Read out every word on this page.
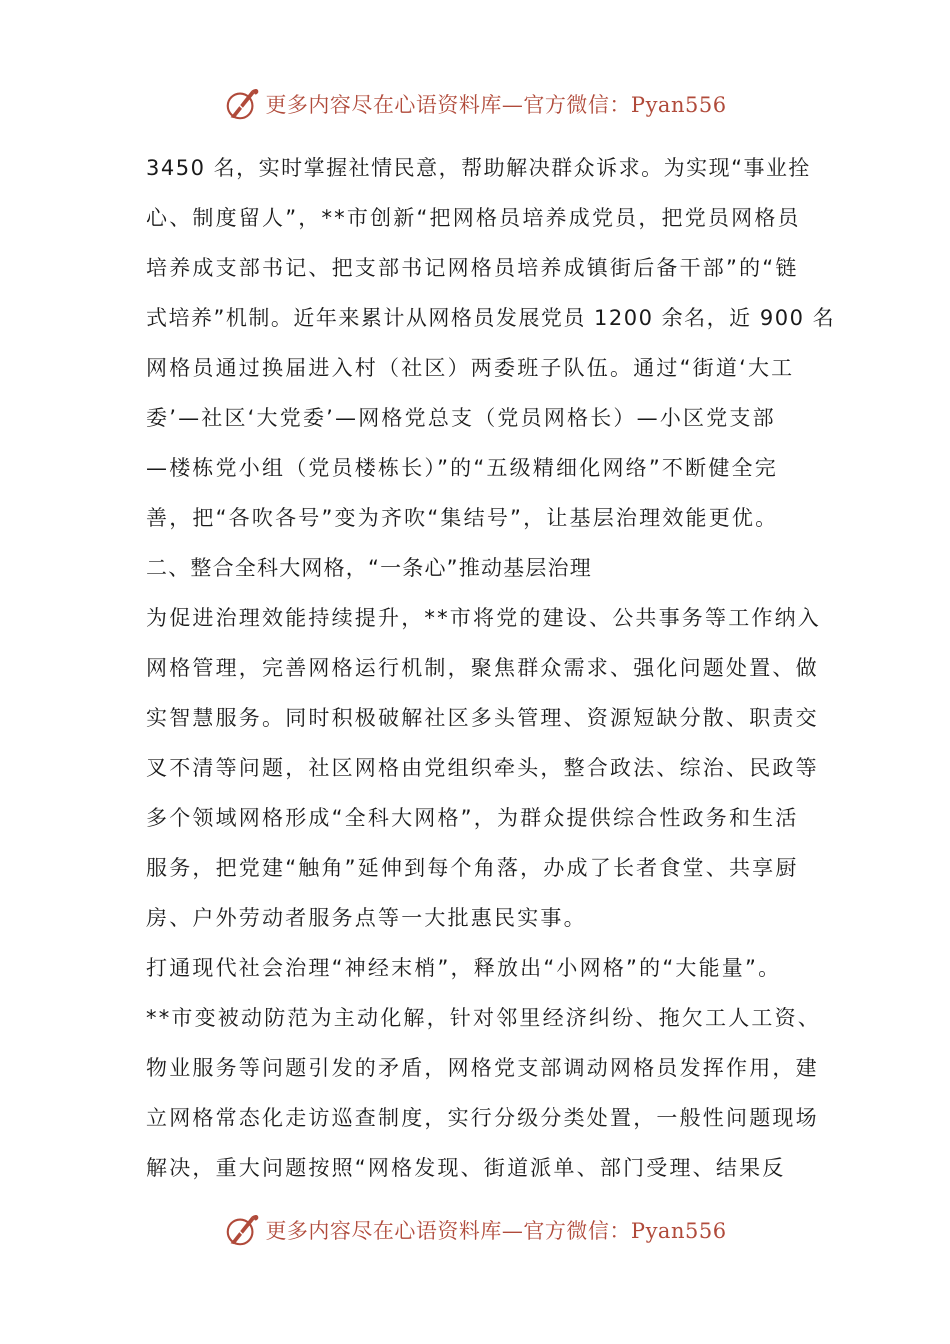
更多内容尽在心语资料库—官方微信：Pyan556
3450 名，实时掌握社情民意，帮助解决群众诉求。为实现“事业拴
心、制度留人”，**市创新“把网格员培养成党员，把党员网格员
培养成支部书记、把支部书记网格员培养成镇街后备干部”的“链
式培养”机制。近年来累计从网格员发展党员 1200 余名，近 900 名
网格员通过换届进入村（社区）两委班子队伍。通过“街道‘大工
委’—社区‘大党委’—网格党总支（党员网格长）—小区党支部
—楼栋党小组（党员楼栋长）”的“五级精细化网络”不断健全完
善，把“各吹各号”变为齐吹“集结号”，让基层治理效能更优。
二、整合全科大网格，“一条心”推动基层治理
为促进治理效能持续提升，**市将党的建设、公共事务等工作纳入
网格管理，完善网格运行机制，聚焦群众需求、强化问题处置、做
实智慧服务。同时积极破解社区多头管理、资源短缺分散、职责交
叉不清等问题，社区网格由党组织牵头，整合政法、综治、民政等
多个领域网格形成“全科大网格”，为群众提供综合性政务和生活
服务，把党建“触角”延伸到每个角落，办成了长者食堂、共享厨
房、户外劳动者服务点等一大批惠民实事。
打通现代社会治理“神经末梢”，释放出“小网格”的“大能量”。
**市变被动防范为主动化解，针对邻里经济纠纷、拖欠工人工资、
物业服务等问题引发的矛盾，网格党支部调动网格员发挥作用，建
立网格常态化走访巡查制度，实行分级分类处置，一般性问题现场
解决，重大问题按照“网格发现、街道派单、部门受理、结果反
更多内容尽在心语资料库—官方微信：Pyan556
